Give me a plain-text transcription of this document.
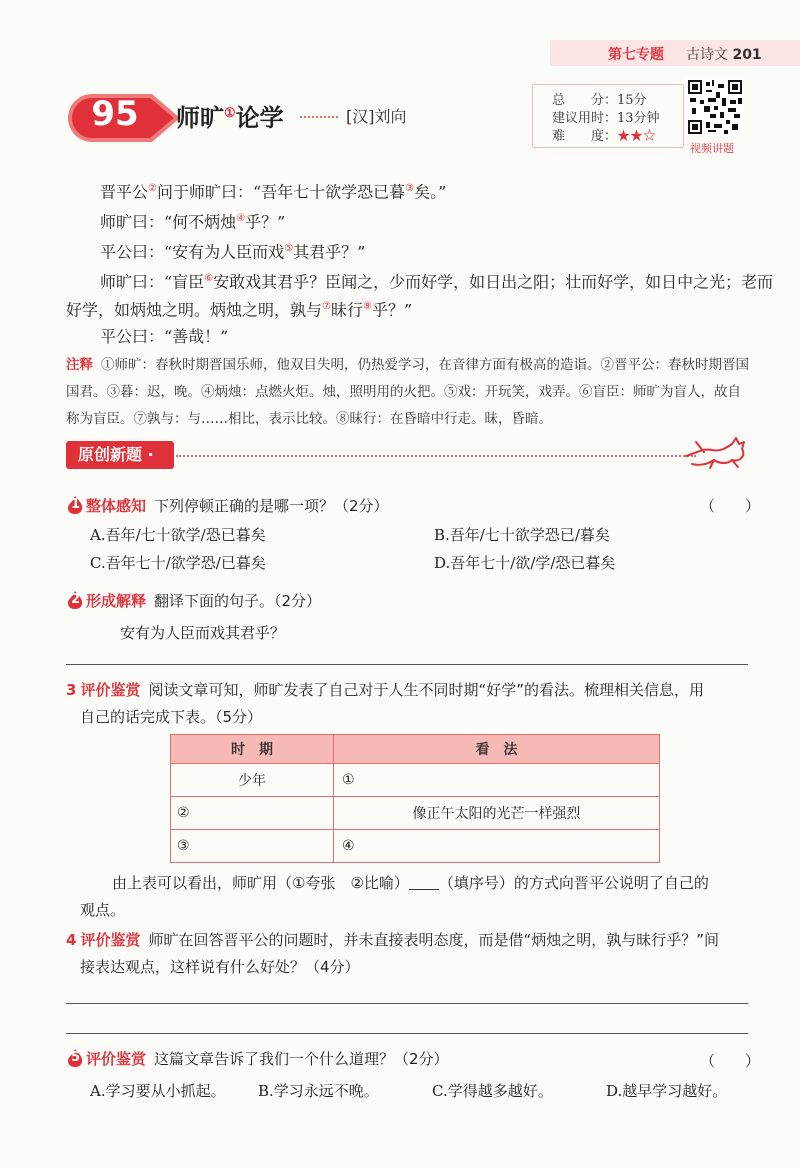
第七专题 古诗文 201
95	师旷①论学	[汉]刘向
总　　分：15分
建议用时：13分钟
难　　度：★★☆
视频讲题
晋平公②问于师旷曰：“吾年七十欲学恐已暮③矣。”
师旷曰：“何不炳烛④乎？”
平公曰：“安有为人臣而戏⑤其君乎？”
师旷曰：“盲臣⑥安敢戏其君乎？臣闻之，少而好学，如日出之阳；壮而好学，如日中之光；老而
好学，如炳烛之明。炳烛之明，孰与⑦昧行⑧乎？”
平公曰：“善哉！”
注释 ①师旷：春秋时期晋国乐师，他双目失明，仍热爱学习，在音律方面有极高的造诣。②晋平公：春秋时期晋国国君。③暮：迟，晚。④炳烛：点燃火炬。烛，照明用的火把。⑤戏：开玩笑，戏弄。⑥盲臣：师旷为盲人，故自称为盲臣。⑦孰与：与……相比，表示比较。⑧昧行：在昏暗中行走。昧，昏暗。
原创新题 ·
整体感知 下列停顿正确的是哪一项？（2分）
1	（　　）
A.吾年/七十欲学/恐已暮矣	B.吾年/七十欲学恐已/暮矣
C.吾年七十/欲学恐/已暮矣	D.吾年七十/欲/学/恐已暮矣
形成解释 翻译下面的句子。（2分）
2
安有为人臣而戏其君乎？
3 评价鉴赏 阅读文章可知，师旷发表了自己对于人生不同时期“好学”的看法。梳理相关信息，用
自己的话完成下表。（5分）
时　期	看　法
少年	①
②	像正午太阳的光芒一样强烈
③	④
由上表可以看出，师旷用（①夸张　②比喻） （填序号）的方式向晋平公说明了自己的
观点。
4 评价鉴赏 师旷在回答晋平公的问题时，并未直接表明态度，而是借“炳烛之明，孰与昧行乎？”间
接表达观点，这样说有什么好处？（4分）
评价鉴赏 这篇文章告诉了我们一个什么道理？（2分）
5	（　　）
A.学习要从小抓起。 B.学习永远不晚。	C.学得越多越好。	D.越早学习越好。
